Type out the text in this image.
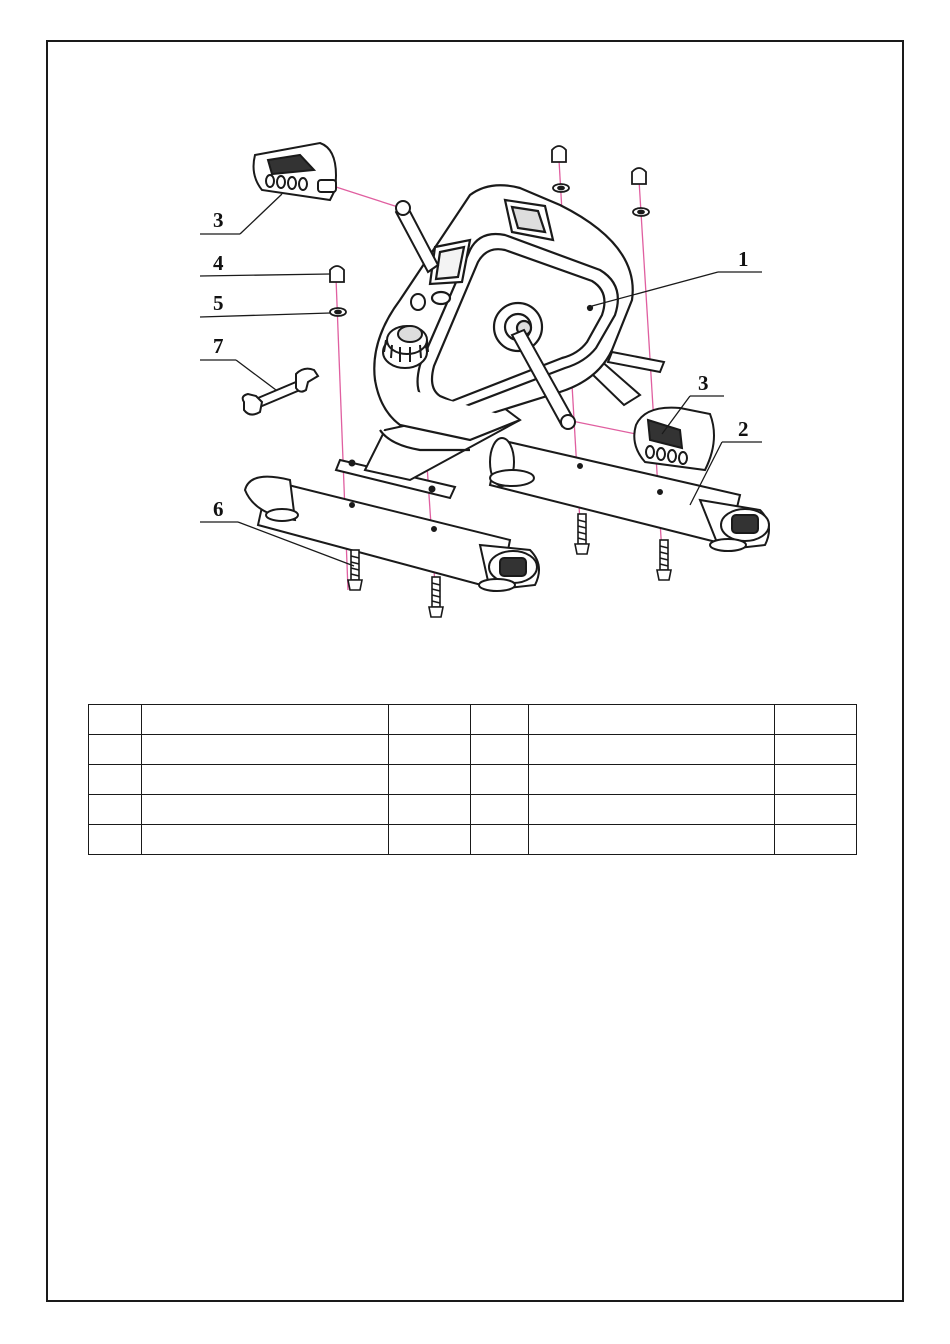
3
4
5
7
6
1
3
2
